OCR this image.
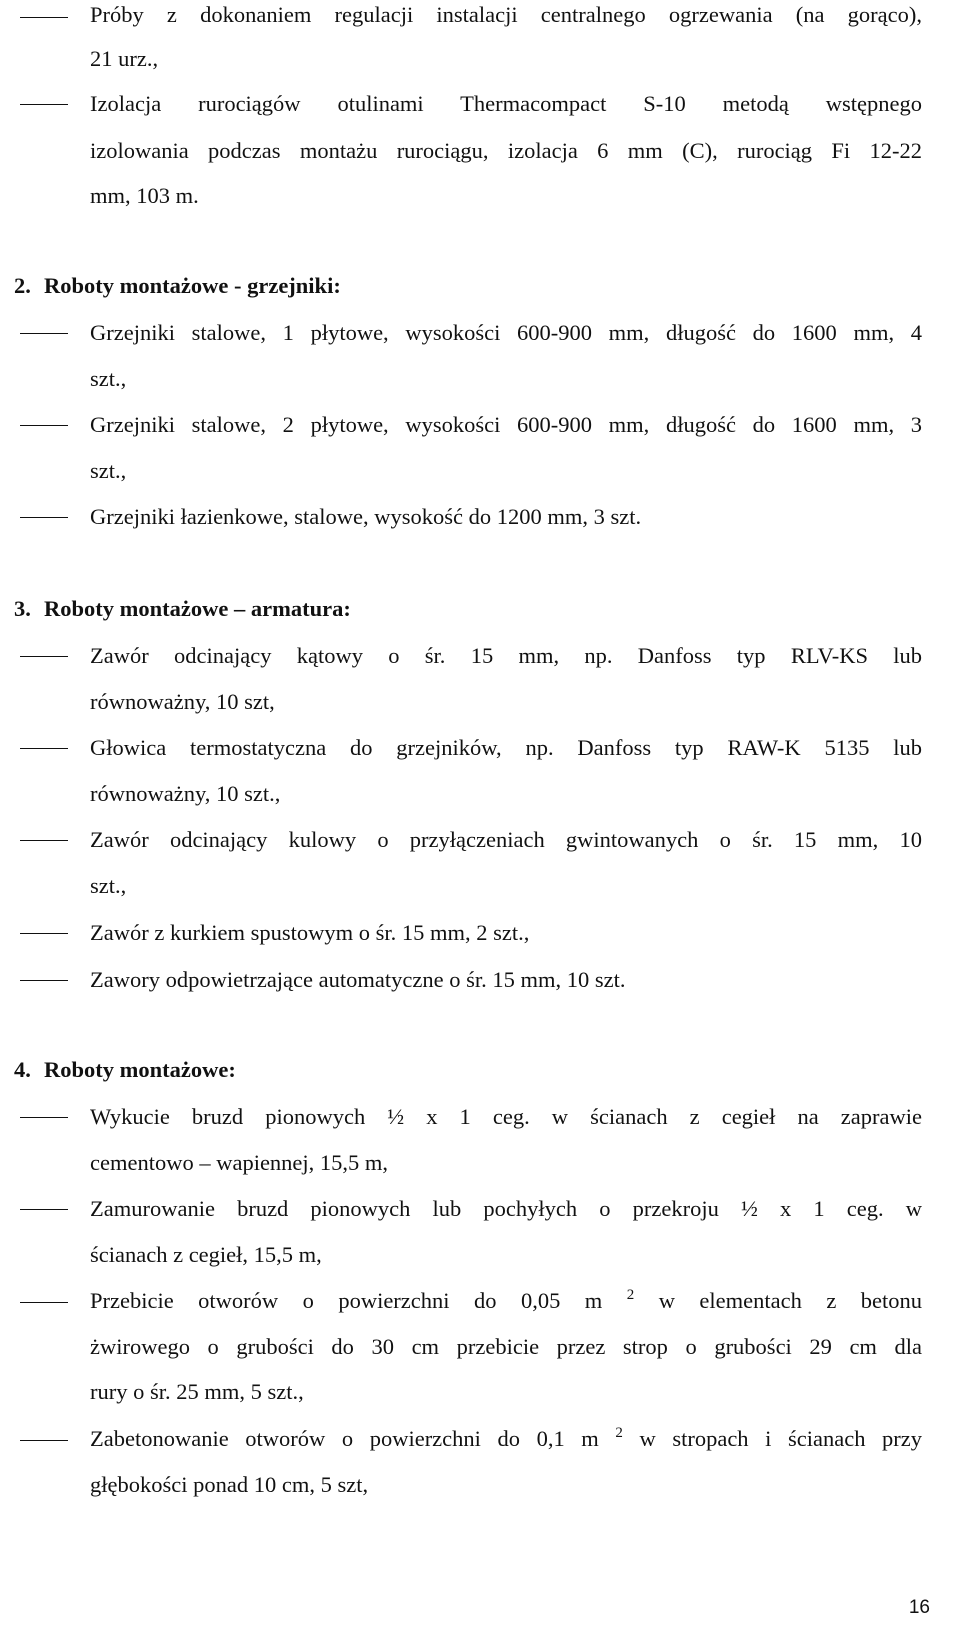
Próby z dokonaniem regulacji instalacji centralnego ogrzewania (na gorąco),
21 urz.,
Izolacja rurociągów otulinami Thermacompact S-10 metodą wstępnego
izolowania podczas montażu rurociągu, izolacja 6 mm (C), rurociąg Fi 12-22
mm, 103 m.
2. Roboty montażowe - grzejniki:
Grzejniki stalowe, 1 płytowe, wysokości 600-900 mm, długość do 1600 mm, 4
szt.,
Grzejniki stalowe, 2 płytowe, wysokości 600-900 mm, długość do 1600 mm, 3
szt.,
Grzejniki łazienkowe, stalowe, wysokość do 1200 mm, 3 szt.
3. Roboty montażowe – armatura:
Zawór odcinający kątowy o śr. 15 mm, np. Danfoss typ RLV-KS lub
równoważny, 10 szt,
Głowica termostatyczna do grzejników, np. Danfoss typ RAW-K 5135 lub
równoważny, 10 szt.,
Zawór odcinający kulowy o przyłączeniach gwintowanych o śr. 15 mm, 10
szt.,
Zawór z kurkiem spustowym o śr. 15 mm, 2 szt.,
Zawory odpowietrzające automatyczne o śr. 15 mm, 10 szt.
4. Roboty montażowe:
Wykucie bruzd pionowych ½ x 1 ceg. w ścianach z cegieł na zaprawie
cementowo – wapiennej, 15,5 m,
Zamurowanie bruzd pionowych lub pochyłych o przekroju ½ x 1 ceg. w
ścianach z cegieł, 15,5 m,
Przebicie otworów o powierzchni do 0,05 m $^2$ w elementach z betonu
żwirowego o grubości do 30 cm przebicie przez strop o grubości 29 cm dla
rury o śr. 25 mm, 5 szt.,
Zabetonowanie otworów o powierzchni do 0,1 m $^2$ w stropach i ścianach przy
głębokości ponad 10 cm, 5 szt,
16
